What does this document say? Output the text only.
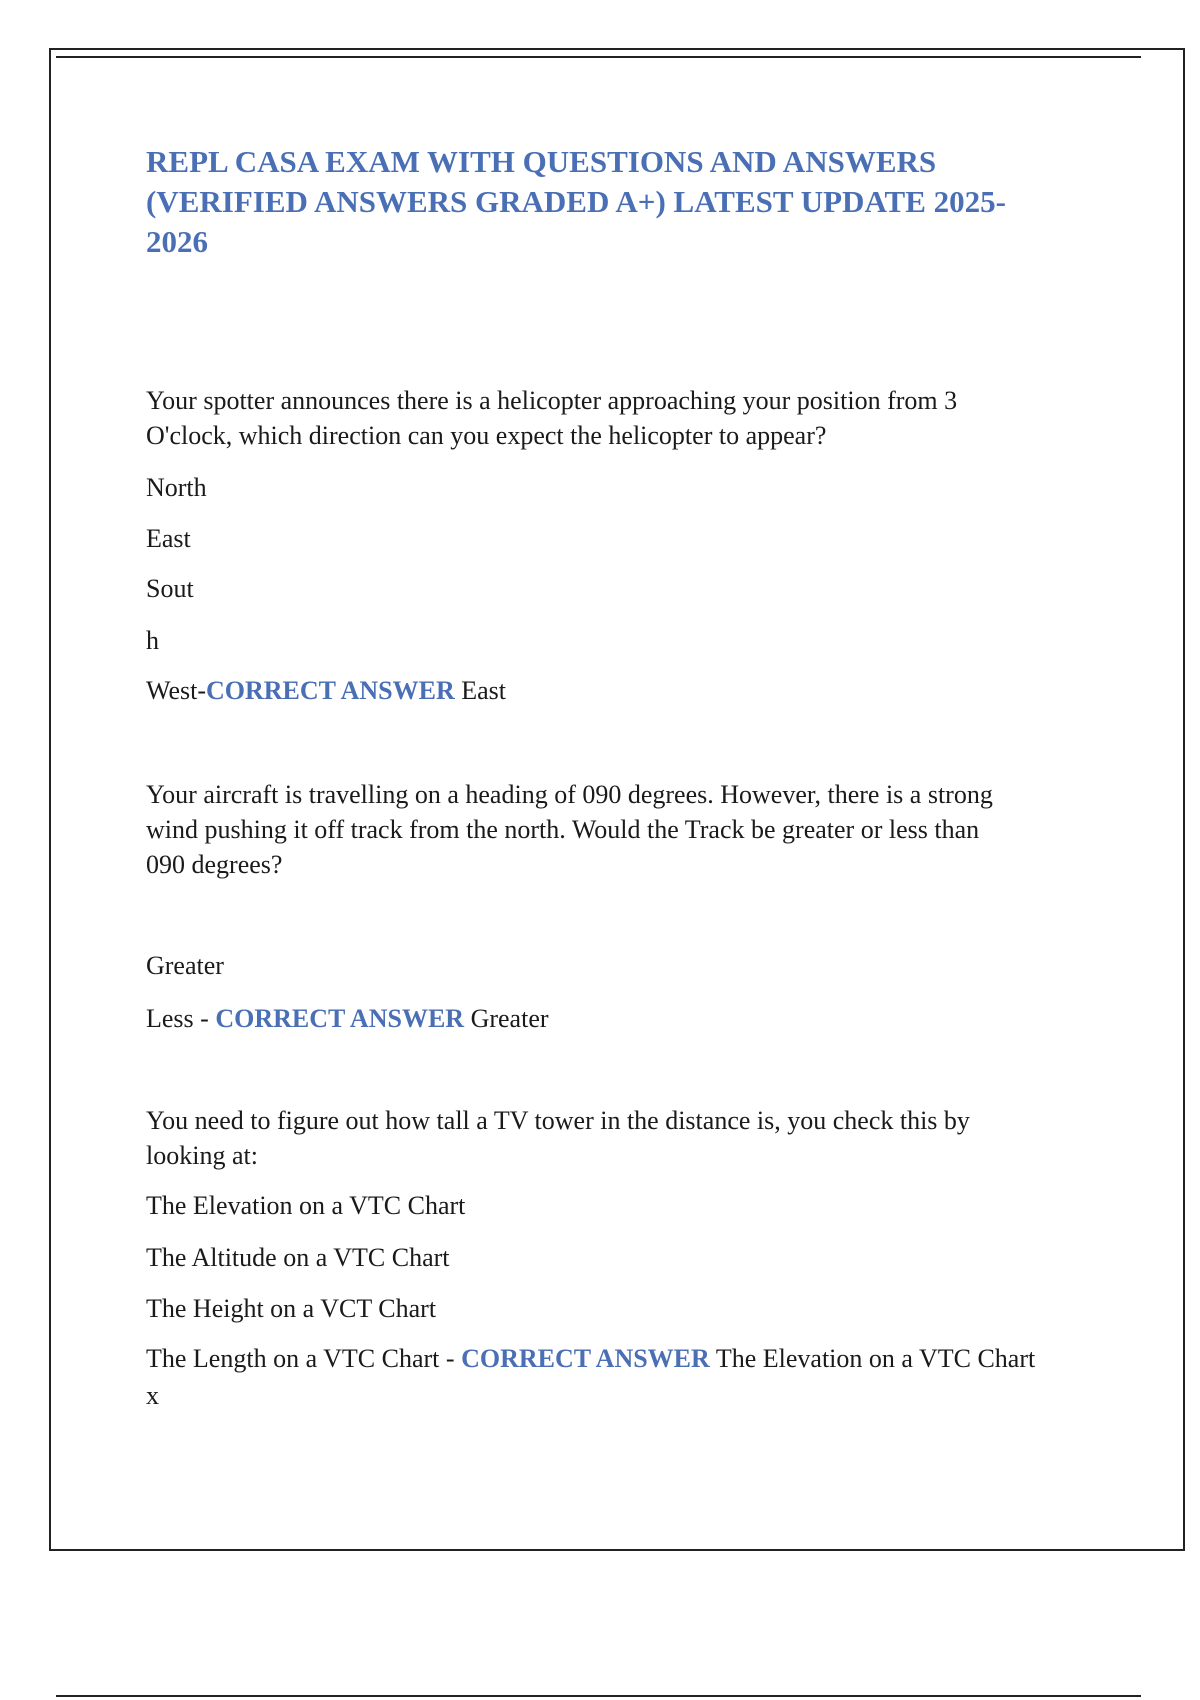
REPL CASA EXAM WITH QUESTIONS AND ANSWERS
(VERIFIED ANSWERS GRADED A+) LATEST UPDATE 2025-
2026

Your spotter announces there is a helicopter approaching your position from 3
O'clock, which direction can you expect the helicopter to appear?

North

East

Sout

h

West-CORRECT ANSWER East

Your aircraft is travelling on a heading of 090 degrees. However, there is a strong
wind pushing it off track from the north. Would the Track be greater or less than
090 degrees?

Greater

Less - CORRECT ANSWER Greater

You need to figure out how tall a TV tower in the distance is, you check this by
looking at:

The Elevation on a VTC Chart

The Altitude on a VTC Chart

The Height on a VCT Chart

The Length on a VTC Chart - CORRECT ANSWER The Elevation on a VTC Chart

x
